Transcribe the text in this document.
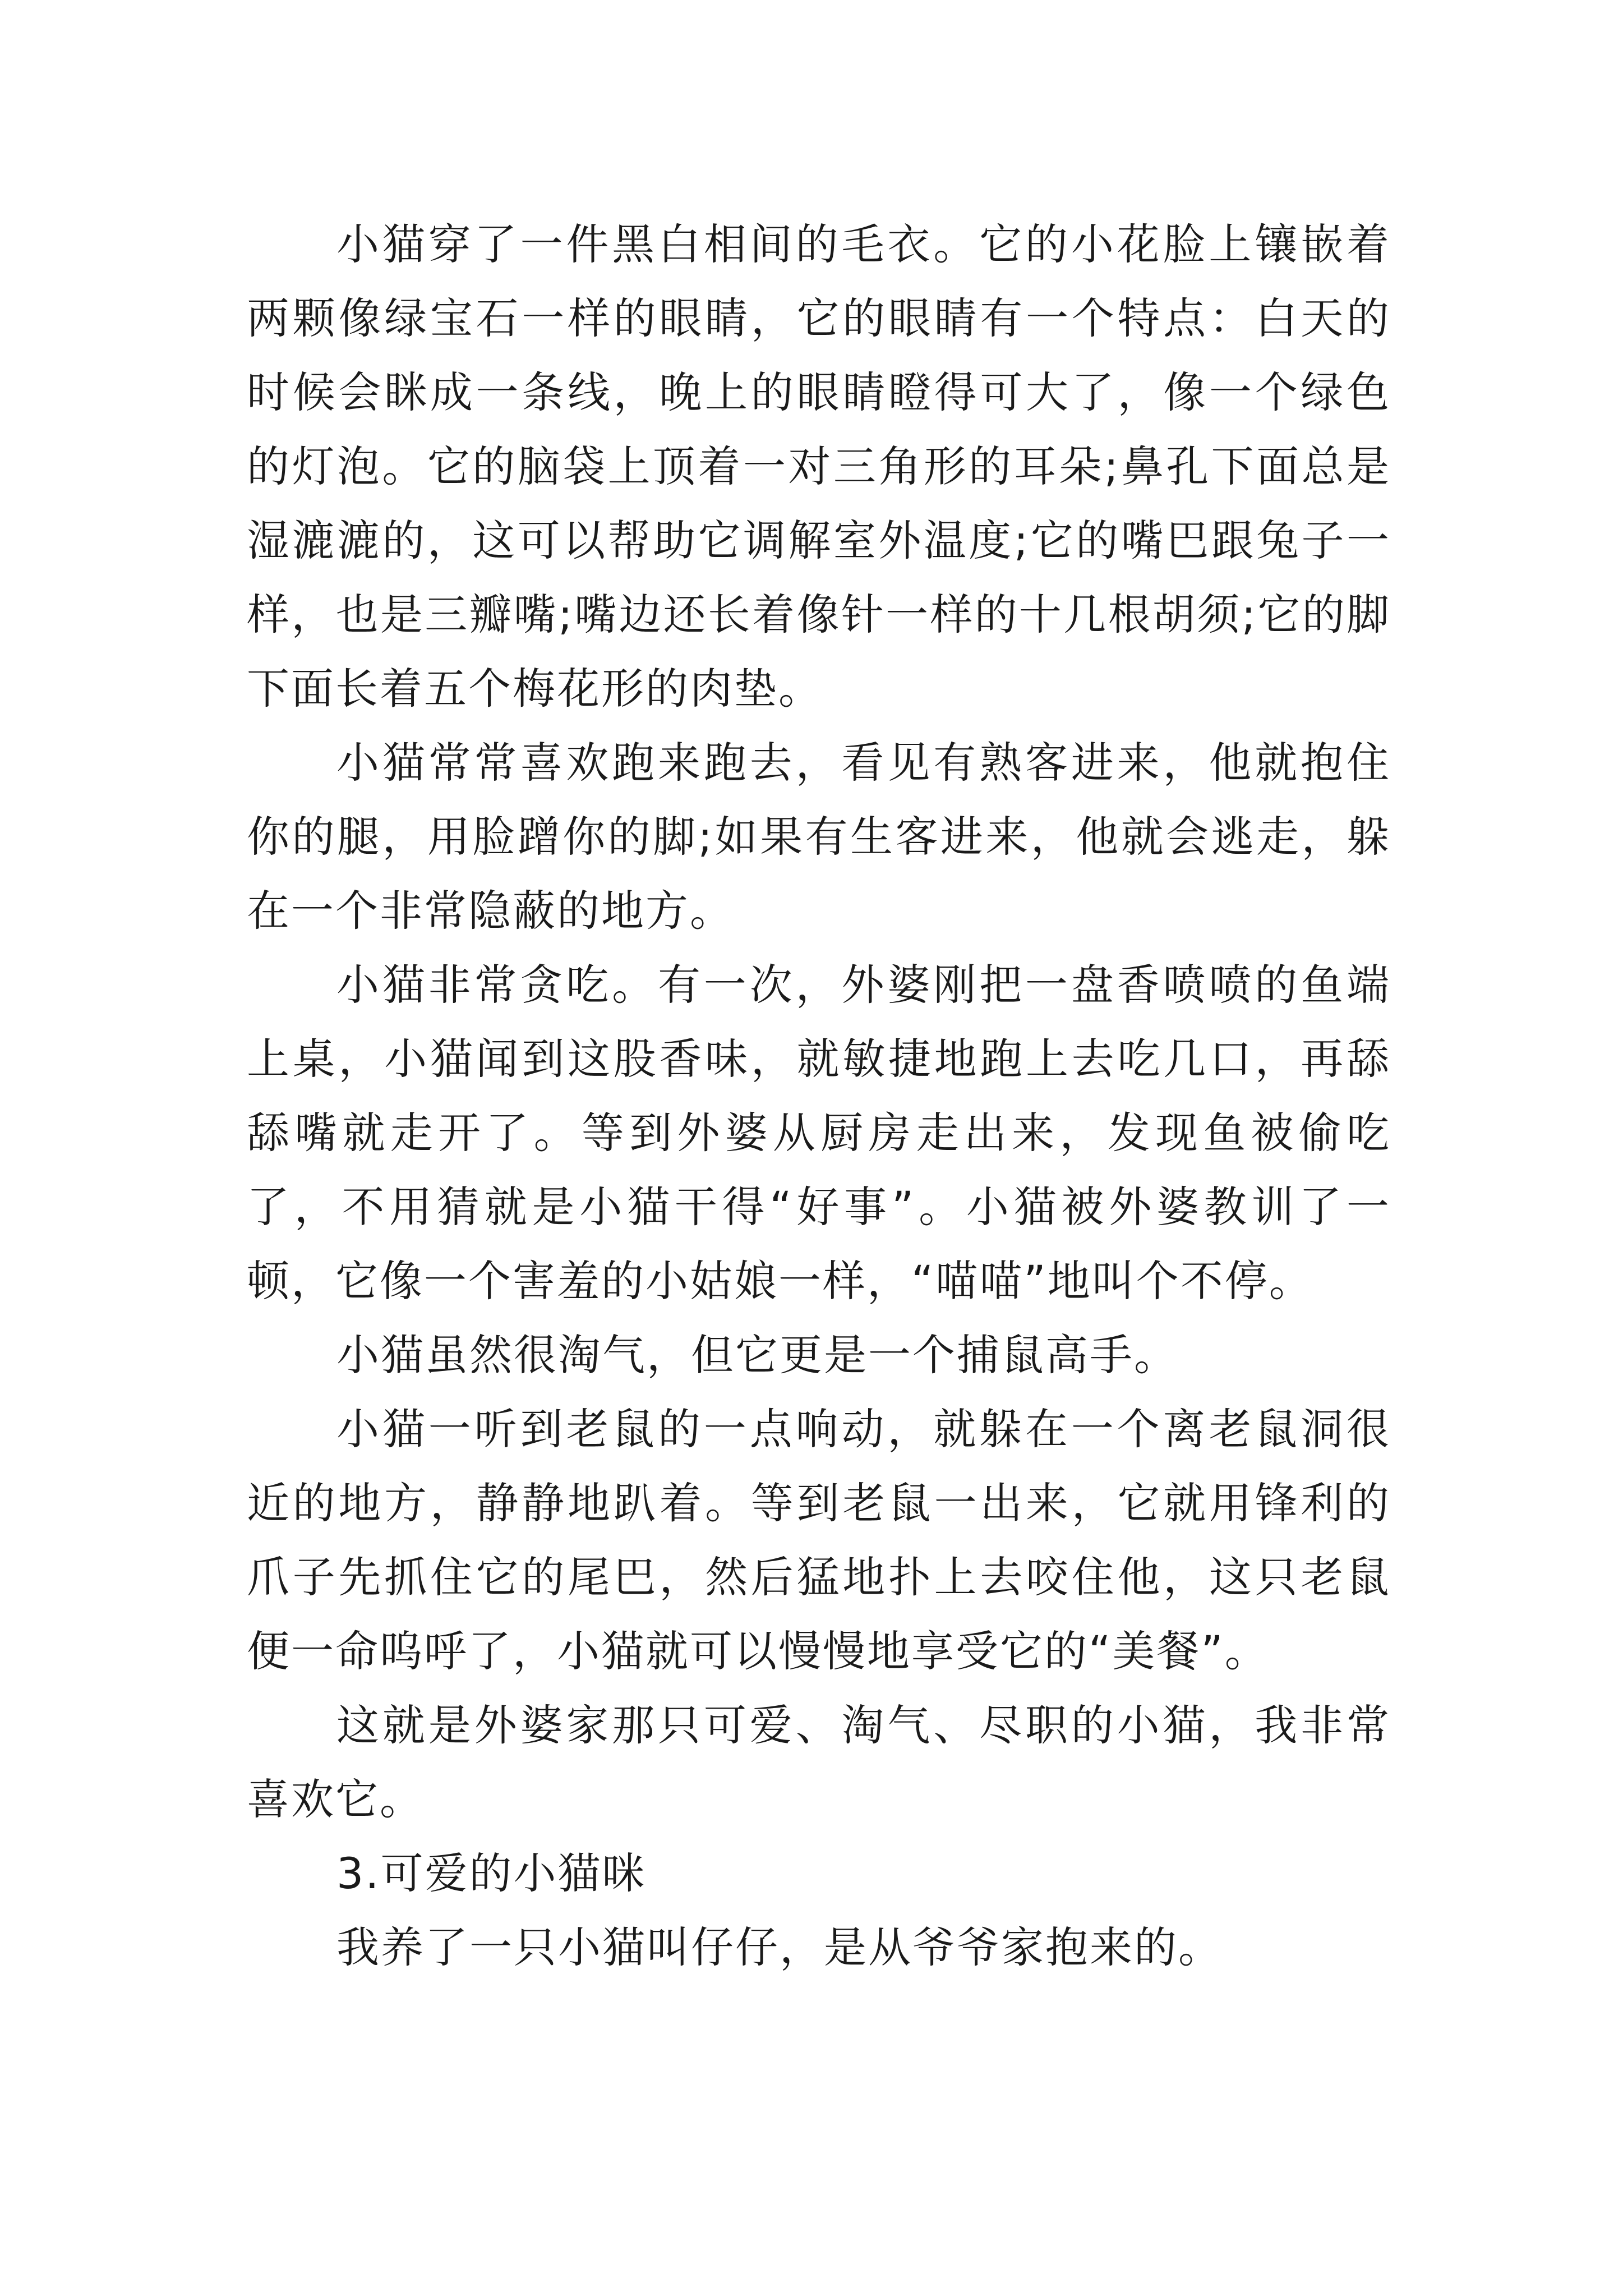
小猫穿了一件黑白相间的毛衣。它的小花脸上镶嵌着两颗像绿宝石一样的眼睛，它的眼睛有一个特点：白天的时候会眯成一条线，晚上的眼睛瞪得可大了，像一个绿色的灯泡。它的脑袋上顶着一对三角形的耳朵;鼻孔下面总是湿漉漉的，这可以帮助它调解室外温度;它的嘴巴跟兔子一样，也是三瓣嘴;嘴边还长着像针一样的十几根胡须;它的脚下面长着五个梅花形的肉垫。

小猫常常喜欢跑来跑去，看见有熟客进来，他就抱住你的腿，用脸蹭你的脚;如果有生客进来，他就会逃走，躲在一个非常隐蔽的地方。

小猫非常贪吃。有一次，外婆刚把一盘香喷喷的鱼端上桌，小猫闻到这股香味，就敏捷地跑上去吃几口，再舔舔嘴就走开了。等到外婆从厨房走出来，发现鱼被偷吃了，不用猜就是小猫干得“好事”。小猫被外婆教训了一顿，它像一个害羞的小姑娘一样，“喵喵”地叫个不停。

小猫虽然很淘气，但它更是一个捕鼠高手。

小猫一听到老鼠的一点响动，就躲在一个离老鼠洞很近的地方，静静地趴着。等到老鼠一出来，它就用锋利的爪子先抓住它的尾巴，然后猛地扑上去咬住他，这只老鼠便一命呜呼了，小猫就可以慢慢地享受它的“美餐”。

这就是外婆家那只可爱、淘气、尽职的小猫，我非常喜欢它。

3.可爱的小猫咪

我养了一只小猫叫仔仔，是从爷爷家抱来的。
